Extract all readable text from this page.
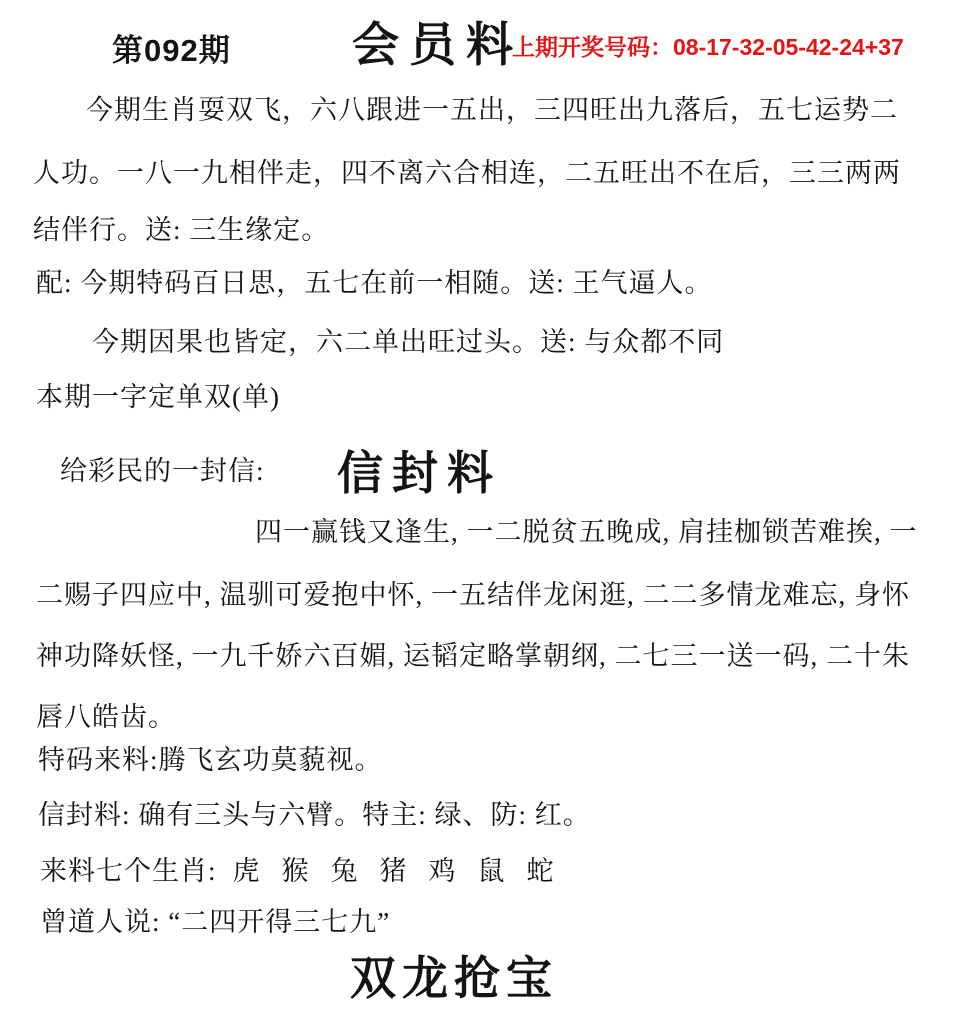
第092期	会员料
上期开奖号码：08-17-32-05-42-24+37
今期生肖耍双飞，六八跟进一五出，三四旺出九落后，五七运势二
人功。一八一九相伴走，四不离六合相连，二五旺出不在后，三三两两
结伴行。送: 三生缘定。
配: 今期特码百日思，五七在前一相随。送: 王气逼人。
今期因果也皆定，六二单出旺过头。送: 与众都不同
本期一字定单双(单)
给彩民的一封信: 信封料
四一赢钱又逢生, 一二脱贫五晚成, 肩挂枷锁苦难挨, 一
二赐子四应中, 温驯可爱抱中怀, 一五结伴龙闲逛, 二二多情龙难忘, 身怀
神功降妖怪, 一九千娇六百媚, 运韬定略掌朝纲, 二七三一送一码, 二十朱
唇八皓齿。
特码来料:腾飞玄功莫藐视。
信封料: 确有三头与六臂。特主: 绿、防: 红。
来料七个生肖: 虎 猴 兔 猪 鸡 鼠 蛇
曾道人说: “二四开得三七九”
双龙抢宝
